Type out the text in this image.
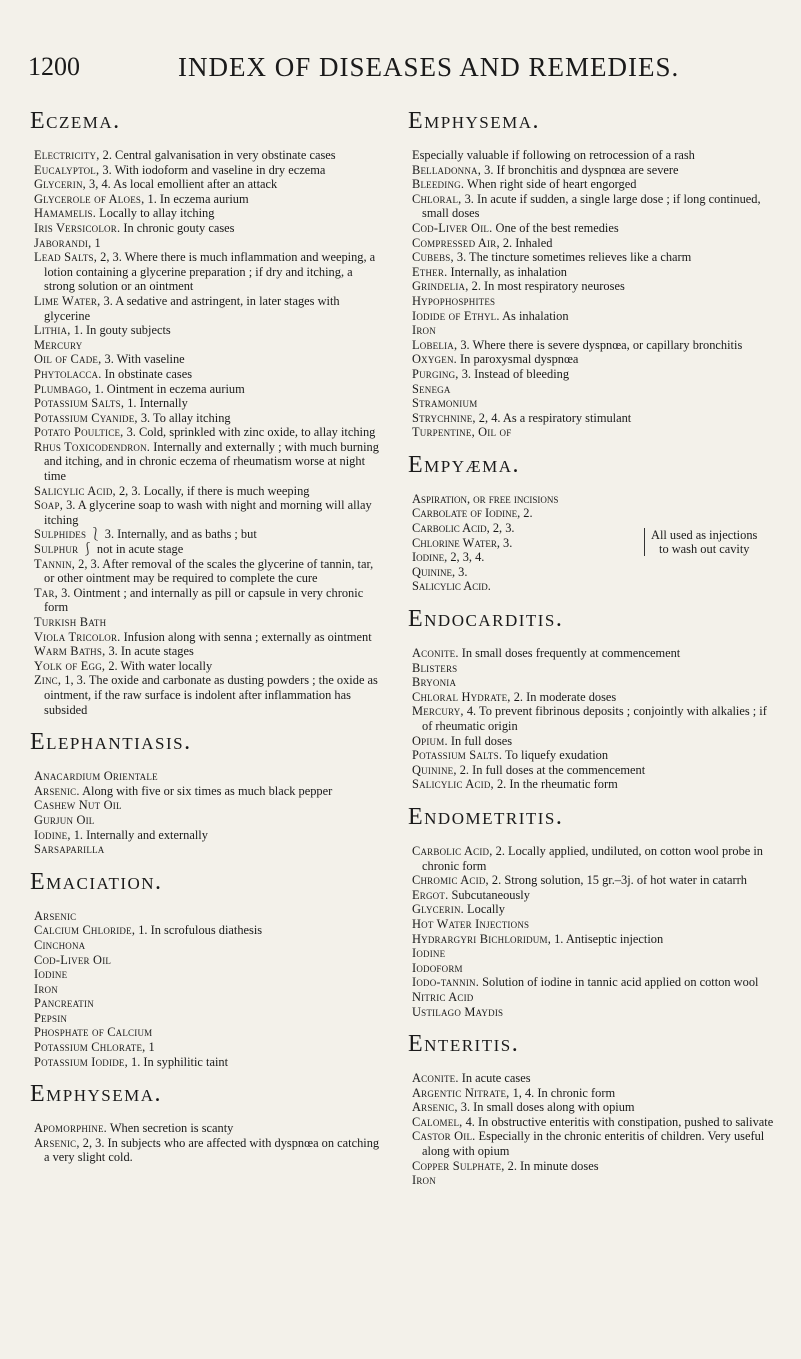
1200	INDEX OF DISEASES AND REMEDIES.
Eczema.

Electricity, 2. Central galvanisation in very obstinate cases

Eucalyptol, 3. With iodoform and vaseline in dry eczema

Glycerin, 3, 4. As local emollient after an attack

Glycerole of Aloes, 1. In eczema aurium

Hamamelis. Locally to allay itching

Iris Versicolor. In chronic gouty cases

Jaborandi, 1

Lead Salts, 2, 3. Where there is much inflammation and weeping, a lotion containing a glycerine preparation ; if dry and itching, a strong solution or an ointment

Lime Water, 3. A sedative and astringent, in later stages with glycerine

Lithia, 1. In gouty subjects

Mercury

Oil of Cade, 3. With vaseline

Phytolacca. In obstinate cases

Plumbago, 1. Ointment in eczema aurium

Potassium Salts, 1. Internally

Potassium Cyanide, 3. To allay itching

Potato Poultice, 3. Cold, sprinkled with zinc oxide, to allay itching

Rhus Toxicodendron. Internally and externally ; with much burning and itching, and in chronic eczema of rheumatism worse at night time

Salicylic Acid, 2, 3. Locally, if there is much weeping

Soap, 3. A glycerine soap to wash with night and morning will allay itching

Sulphides ⎱ 3. Internally, and as baths ; but

Sulphur ⎰ not in acute stage

Tannin, 2, 3. After removal of the scales the glycerine of tannin, tar, or other ointment may be required to complete the cure

Tar, 3. Ointment ; and internally as pill or capsule in very chronic form

Turkish Bath

Viola Tricolor. Infusion along with senna ; externally as ointment

Warm Baths, 3. In acute stages

Yolk of Egg, 2. With water locally

Zinc, 1, 3. The oxide and carbonate as dusting powders ; the oxide as ointment, if the raw surface is indolent after inflammation has subsided

Elephantiasis.

Anacardium Orientale

Arsenic. Along with five or six times as much black pepper

Cashew Nut Oil

Gurjun Oil

Iodine, 1. Internally and externally

Sarsaparilla

Emaciation.

Arsenic

Calcium Chloride, 1. In scrofulous diathesis

Cinchona

Cod-Liver Oil

Iodine

Iron

Pancreatin

Pepsin

Phosphate of Calcium

Potassium Chlorate, 1

Potassium Iodide, 1. In syphilitic taint

Emphysema.

Apomorphine. When secretion is scanty

Arsenic, 2, 3. In subjects who are affected with dyspnœa on catching a very slight cold.

Emphysema.

Especially valuable if following on retrocession of a rash

Belladonna, 3. If bronchitis and dyspnœa are severe

Bleeding. When right side of heart engorged

Chloral, 3. In acute if sudden, a single large dose ; if long continued, small doses

Cod-Liver Oil. One of the best remedies

Compressed Air, 2. Inhaled

Cubebs, 3. The tincture sometimes relieves like a charm

Ether. Internally, as inhalation

Grindelia, 2. In most respiratory neuroses

Hypophosphites

Iodide of Ethyl. As inhalation

Iron

Lobelia, 3. Where there is severe dyspnœa, or capillary bronchitis

Oxygen. In paroxysmal dyspnœa

Purging, 3. Instead of bleeding

Senega

Stramonium

Strychnine, 2, 4. As a respiratory stimulant

Turpentine, Oil of

Empyæma.

Aspiration, or free incisions

Carbolate of Iodine, 2.

Carbolic Acid, 2, 3.

Chlorine Water, 3.

Iodine, 2, 3, 4.

Quinine, 3.

Salicylic Acid.

All used as injections
to wash out cavity
Endocarditis.

Aconite. In small doses frequently at commencement

Blisters

Bryonia

Chloral Hydrate, 2. In moderate doses

Mercury, 4. To prevent fibrinous deposits ; conjointly with alkalies ; if of rheumatic origin

Opium. In full doses

Potassium Salts. To liquefy exudation

Quinine, 2. In full doses at the commencement

Salicylic Acid, 2. In the rheumatic form

Endometritis.

Carbolic Acid, 2. Locally applied, undiluted, on cotton wool probe in chronic form

Chromic Acid, 2. Strong solution, 15 gr.–3j. of hot water in catarrh

Ergot. Subcutaneously

Glycerin. Locally

Hot Water Injections

Hydrargyri Bichloridum, 1. Antiseptic injection

Iodine

Iodoform

Iodo-tannin. Solution of iodine in tannic acid applied on cotton wool

Nitric Acid

Ustilago Maydis

Enteritis.

Aconite. In acute cases

Argentic Nitrate, 1, 4. In chronic form

Arsenic, 3. In small doses along with opium

Calomel, 4. In obstructive enteritis with constipation, pushed to salivate

Castor Oil. Especially in the chronic enteritis of children. Very useful along with opium

Copper Sulphate, 2. In minute doses

Iron
